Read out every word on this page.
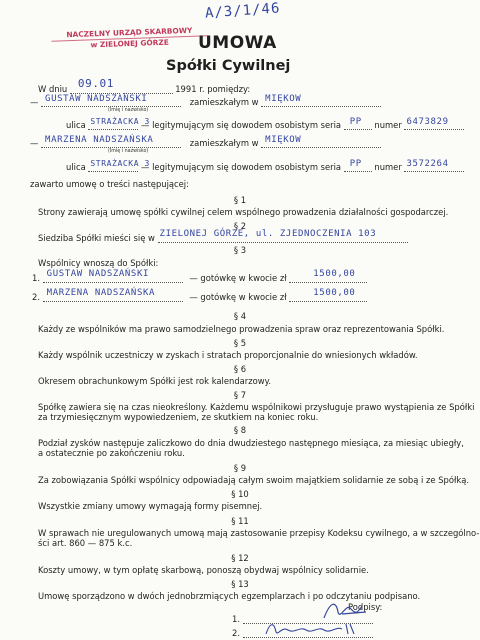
A/3/1/46
NACZELNY URZĄD SKARBOWY
w ZIELONEJ GÓRZE	UMOWA
Spółki Cywilnej
W dniu 09.01	1991 r. pomiędzy:
— GUSTAW NADSZAŃSKI	zamieszkałym w MIĘKOW
(Imię i nazwisko)
ulica STRAŻACKA 3
— legitymującym się dowodem osobistym seria PP numer 6473829
— MARZENA NADSZAŃSKA	zamieszkałym w MIĘKOW
(Imię i nazwisko)
ulica STRAŻACKA 3
— legitymującym się dowodem osobistym seria PP numer 3572264
zawarto umowę o treści następującej:
§ 1
Strony zawierają umowę spółki cywilnej celem wspólnego prowadzenia działalności gospodarczej.
§ 2
Siedziba Spółki mieści się w ZIELONEJ GÓRZE, ul. ZJEDNOCZENIA 103
§ 3
Wspólnicy wnoszą do Spółki:
1. GUSTAW NADSZAŃSKI	— gotówkę w kwocie zł	1500,00
2. MARZENA NADSZAŃSKA	— gotówkę w kwocie zł	1500,00
§ 4
Każdy ze wspólników ma prawo samodzielnego prowadzenia spraw oraz reprezentowania Spółki.
§ 5
Każdy wspólnik uczestniczy w zyskach i stratach proporcjonalnie do wniesionych wkładów.
§ 6
Okresem obrachunkowym Spółki jest rok kalendarzowy.
§ 7
Spółkę zawiera się na czas nieokreślony. Każdemu wspólnikowi przysługuje prawo wystąpienia ze Spółki
za trzymiesięcznym wypowiedzeniem, ze skutkiem na koniec roku.
§ 8
Podział zysków następuje zaliczkowo do dnia dwudziestego następnego miesiąca, za miesiąc ubiegły,
a ostatecznie po zakończeniu roku.
§ 9
Za zobowiązania Spółki wspólnicy odpowiadają całym swoim majątkiem solidarnie ze sobą i ze Spółką.
§ 10
Wszystkie zmiany umowy wymagają formy pisemnej.
§ 11
W sprawach nie uregulowanych umową mają zastosowanie przepisy Kodeksu cywilnego, a w szczególno-
ści art. 860 — 875 k.c.
§ 12
Koszty umowy, w tym opłatę skarbową, ponoszą obydwaj wspólnicy solidarnie.
§ 13
Umowę sporządzono w dwóch jednobrzmiących egzemplarzach i po odczytaniu podpisano.
Podpisy:
1.
2.
